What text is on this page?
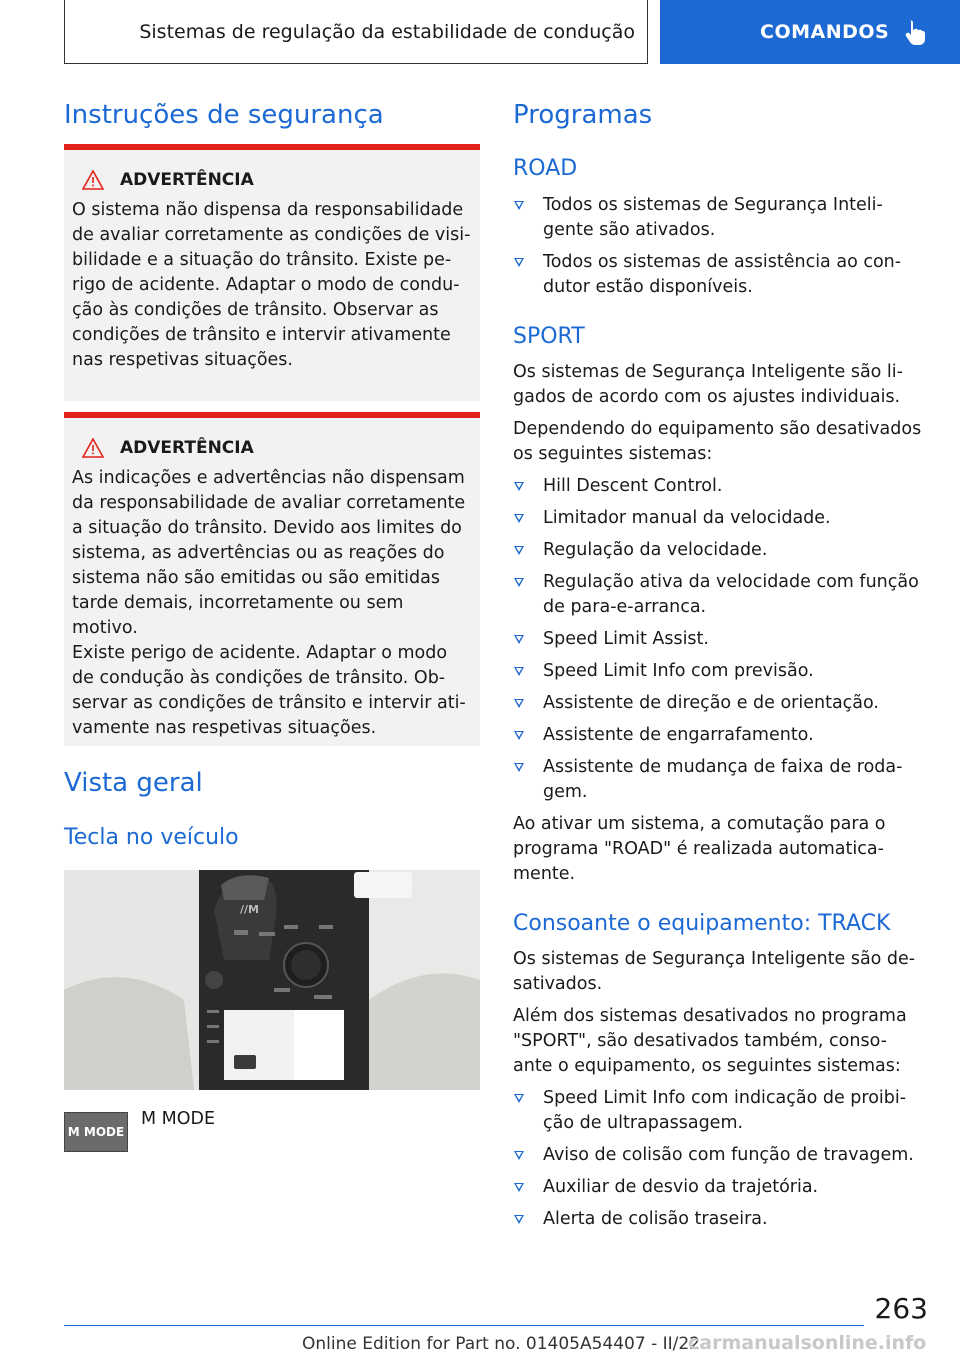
Sistemas de regulação da estabilidade de condução	COMANDOS
Instruções de segurança
ADVERTÊNCIA

O sistema não dispensa da responsabilidade
de avaliar corretamente as condições de visi-
bilidade e a situação do trânsito. Existe pe-
rigo de acidente. Adaptar o modo de condu-
ção às condições de trânsito. Observar as
condições de trânsito e intervir ativamente
nas respetivas situações.

ADVERTÊNCIA

As indicações e advertências não dispensam
da responsabilidade de avaliar corretamente
a situação do trânsito. Devido aos limites do
sistema, as advertências ou as reações do
sistema não são emitidas ou são emitidas
tarde demais, incorretamente ou sem motivo.
Existe perigo de acidente. Adaptar o modo
de condução às condições de trânsito. Ob-
servar as condições de trânsito e intervir ati-
vamente nas respetivas situações.

Vista geral
Tecla no veículo
//M
M MODE
M MODE
Programas
ROAD
Todos os sistemas de Segurança Inteli-
gente são ativados.
Todos os sistemas de assistência ao con-
dutor estão disponíveis.
SPORT

Os sistemas de Segurança Inteligente são li-
gados de acordo com os ajustes individuais.

Dependendo do equipamento são desativados
os seguintes sistemas:

Hill Descent Control.
Limitador manual da velocidade.
Regulação da velocidade.
Regulação ativa da velocidade com função
de para-e-arranca.
Speed Limit Assist.
Speed Limit Info com previsão.
Assistente de direção e de orientação.
Assistente de engarrafamento.
Assistente de mudança de faixa de roda-
gem.

Ao ativar um sistema, a comutação para o
programa "ROAD" é realizada automatica-
mente.

Consoante o equipamento: TRACK

Os sistemas de Segurança Inteligente são de-
sativados.

Além dos sistemas desativados no programa
"SPORT", são desativados também, conso-
ante o equipamento, os seguintes sistemas:

Speed Limit Info com indicação de proibi-
ção de ultrapassagem.
Aviso de colisão com função de travagem.
Auxiliar de desvio da trajetória.
Alerta de colisão traseira.
263
Online Edition for Part no. 01405A54407 - II/22
carmanualsonline.info
